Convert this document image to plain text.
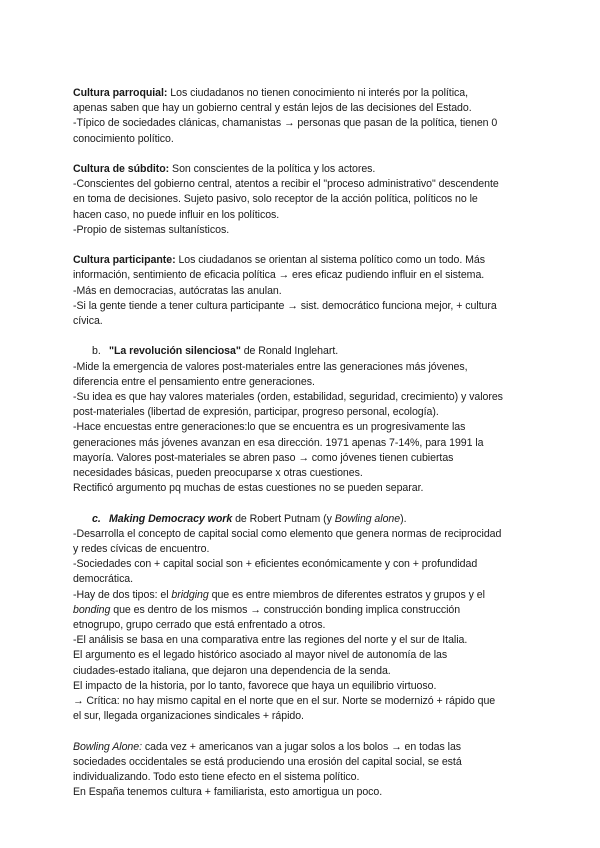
Cultura parroquial: Los ciudadanos no tienen conocimiento ni interés por la política,
apenas saben que hay un gobierno central y están lejos de las decisiones del Estado.
-Típico de sociedades clánicas, chamanistas → personas que pasan de la política, tienen 0
conocimiento político.
Cultura de súbdito: Son conscientes de la política y los actores.
-Conscientes del gobierno central, atentos a recibir el "proceso administrativo" descendente
en toma de decisiones. Sujeto pasivo, solo receptor de la acción política, políticos no le
hacen caso, no puede influir en los políticos.
-Propio de sistemas sultanísticos.
Cultura participante: Los ciudadanos se orientan al sistema político como un todo. Más
información, sentimiento de eficacia política → eres eficaz pudiendo influir en el sistema.
-Más en democracias, autócratas las anulan.
-Si la gente tiende a tener cultura participante → sist. democrático funciona mejor, + cultura
cívica.
b. "La revolución silenciosa" de Ronald Inglehart.
-Mide la emergencia de valores post-materiales entre las generaciones más jóvenes,
diferencia entre el pensamiento entre generaciones.
-Su idea es que hay valores materiales (orden, estabilidad, seguridad, crecimiento) y valores
post-materiales (libertad de expresión, participar, progreso personal, ecología).
-Hace encuestas entre generaciones:lo que se encuentra es un progresivamente las
generaciones más jóvenes avanzan en esa dirección. 1971 apenas 7-14%, para 1991 la
mayoría. Valores post-materiales se abren paso → como jóvenes tienen cubiertas
necesidades básicas, pueden preocuparse x otras cuestiones.
Rectificó argumento pq muchas de estas cuestiones no se pueden separar.
c. Making Democracy work de Robert Putnam (y Bowling alone).
-Desarrolla el concepto de capital social como elemento que genera normas de reciprocidad
y redes cívicas de encuentro.
-Sociedades con + capital social son + eficientes económicamente y con + profundidad
democrática.
-Hay de dos tipos: el bridging que es entre miembros de diferentes estratos y grupos y el
bonding que es dentro de los mismos → construcción bonding implica construcción
etnogrupo, grupo cerrado que está enfrentado a otros.
-El análisis se basa en una comparativa entre las regiones del norte y el sur de Italia.
El argumento es el legado histórico asociado al mayor nivel de autonomía de las
ciudades-estado italiana, que dejaron una dependencia de la senda.
El impacto de la historia, por lo tanto, favorece que haya un equilibrio virtuoso.
→ Crítica: no hay mismo capital en el norte que en el sur. Norte se modernizó + rápido que
el sur, llegada organizaciones sindicales + rápido.
Bowling Alone: cada vez + americanos van a jugar solos a los bolos → en todas las
sociedades occidentales se está produciendo una erosión del capital social, se está
individualizando. Todo esto tiene efecto en el sistema político.
En España tenemos cultura + familiarista, esto amortigua un poco.
